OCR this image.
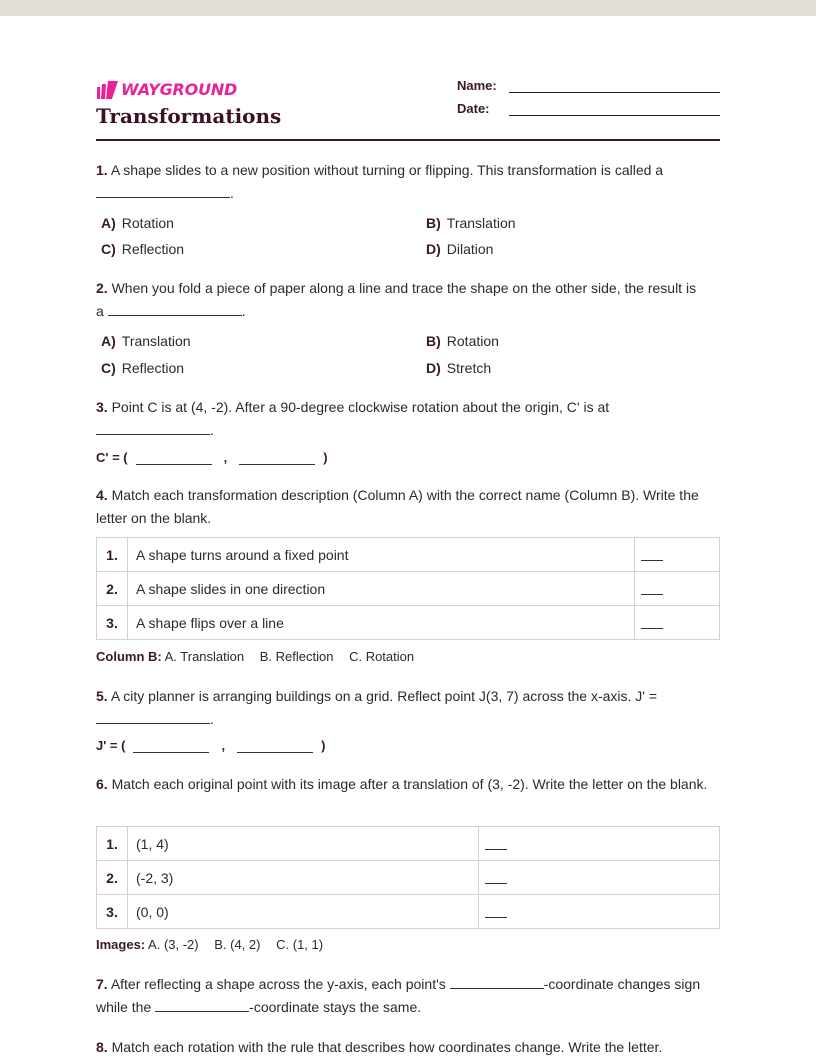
WAYGROUND
Transformations
Name:
Date:
1. A shape slides to a new position without turning or flipping. This transformation is called a
.
A) Rotation	B) Translation
C) Reflection	D) Dilation
2. When you fold a piece of paper along a line and trace the shape on the other side, the result is
a	.
A) Translation	B) Rotation
C) Reflection	D) Stretch
3. Point C is at (4, -2). After a 90-degree clockwise rotation about the origin, C' is at
.
C' = (	,	)
4. Match each transformation description (Column A) with the correct name (Column B). Write the letter on the blank.
1.	A shape turns around a fixed point	
2.	A shape slides in one direction	
3.	A shape flips over a line	
Column B: A. Translation B. Reflection C. Rotation
5. A city planner is arranging buildings on a grid. Reflect point J(3, 7) across the x-axis. J' =
.
J' = (	,	)
6. Match each original point with its image after a translation of (3, -2). Write the letter on the blank.
1.	(1, 4)	
2.	(-2, 3)	
3.	(0, 0)	
Images: A. (3, -2) B. (4, 2) C. (1, 1)
7. After reflecting a shape across the y-axis, each point's	-coordinate changes sign while the	-coordinate stays the same.
8. Match each rotation with the rule that describes how coordinates change. Write the letter.
